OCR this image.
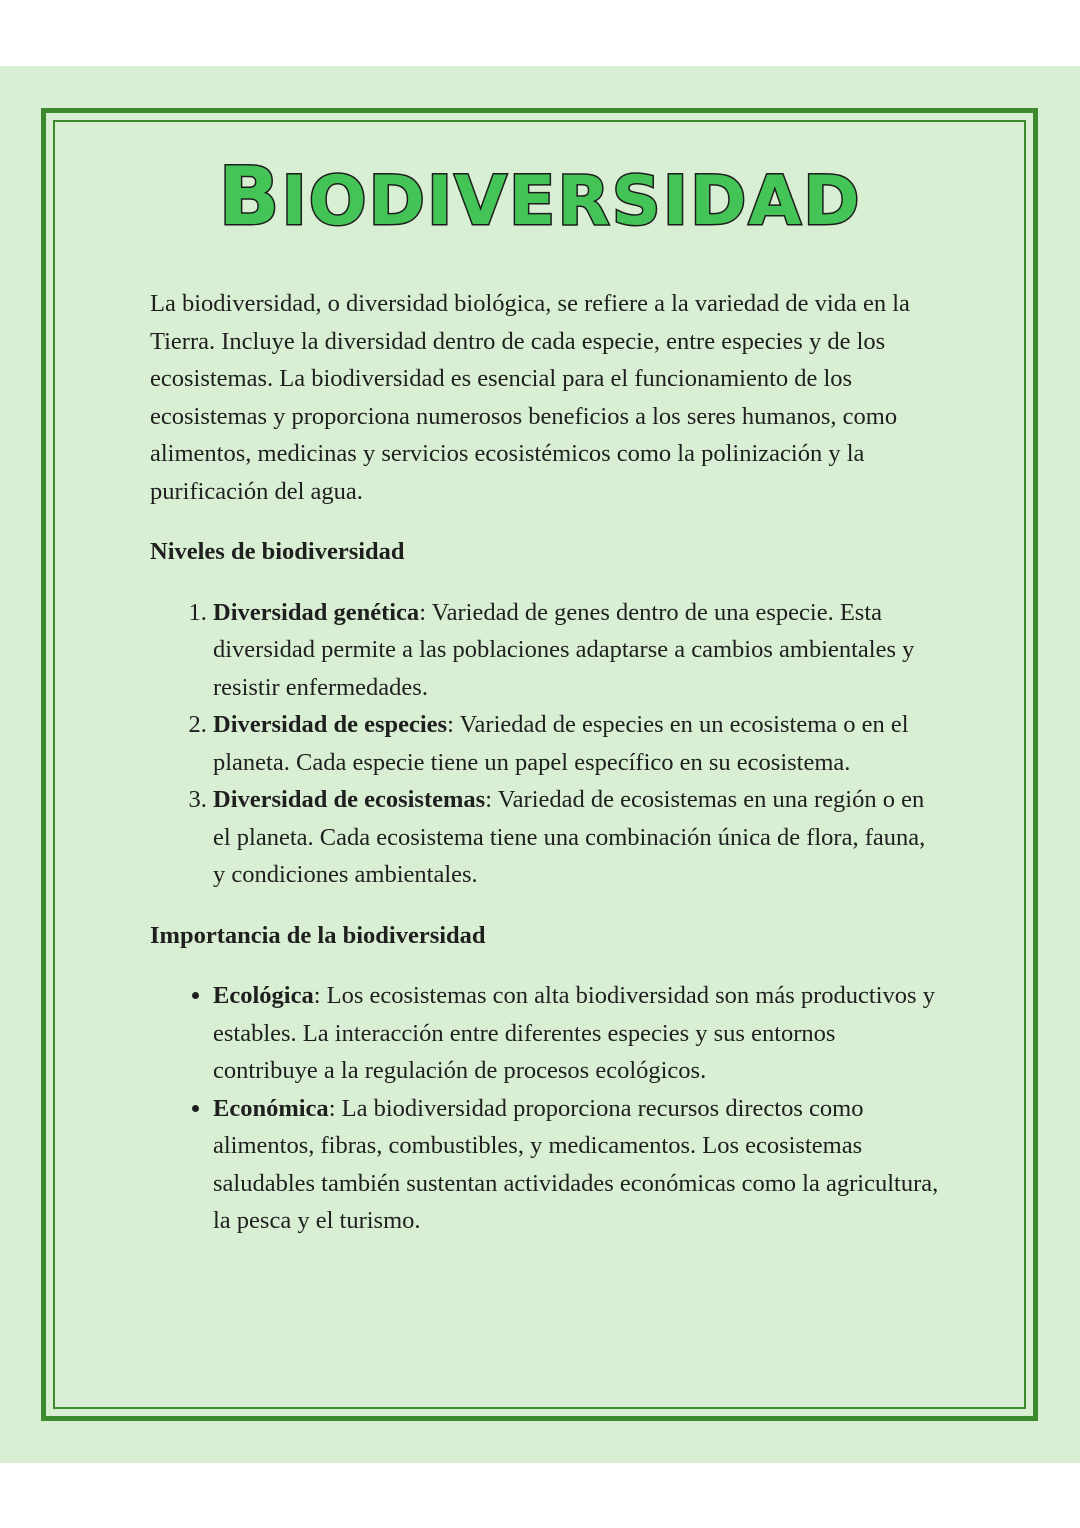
BIODIVERSIDAD

La biodiversidad, o diversidad biológica, se refiere a la variedad de vida en la Tierra. Incluye la diversidad dentro de cada especie, entre especies y de los ecosistemas. La biodiversidad es esencial para el funcionamiento de los ecosistemas y proporciona numerosos beneficios a los seres humanos, como alimentos, medicinas y servicios ecosistémicos como la polinización y la purificación del agua.

Niveles de biodiversidad

1. Diversidad genética: Variedad de genes dentro de una especie. Esta diversidad permite a las poblaciones adaptarse a cambios ambientales y resistir enfermedades.
2. Diversidad de especies: Variedad de especies en un ecosistema o en el planeta. Cada especie tiene un papel específico en su ecosistema.
3. Diversidad de ecosistemas: Variedad de ecosistemas en una región o en el planeta. Cada ecosistema tiene una combinación única de flora, fauna, y condiciones ambientales.

Importancia de la biodiversidad

• Ecológica: Los ecosistemas con alta biodiversidad son más productivos y estables. La interacción entre diferentes especies y sus entornos contribuye a la regulación de procesos ecológicos.
• Económica: La biodiversidad proporciona recursos directos como alimentos, fibras, combustibles, y medicamentos. Los ecosistemas saludables también sustentan actividades económicas como la agricultura, la pesca y el turismo.
